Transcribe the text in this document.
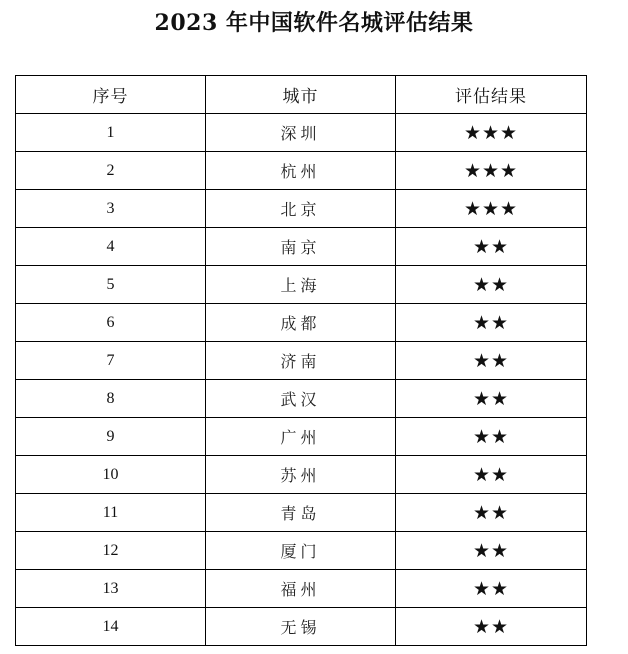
2023 年中国软件名城评估结果
序号	城市	评估结果
1	深圳	★★★
2	杭州	★★★
3	北京	★★★
4	南京	★★
5	上海	★★
6	成都	★★
7	济南	★★
8	武汉	★★
9	广州	★★
10	苏州	★★
11	青岛	★★
12	厦门	★★
13	福州	★★
14	无锡	★★
